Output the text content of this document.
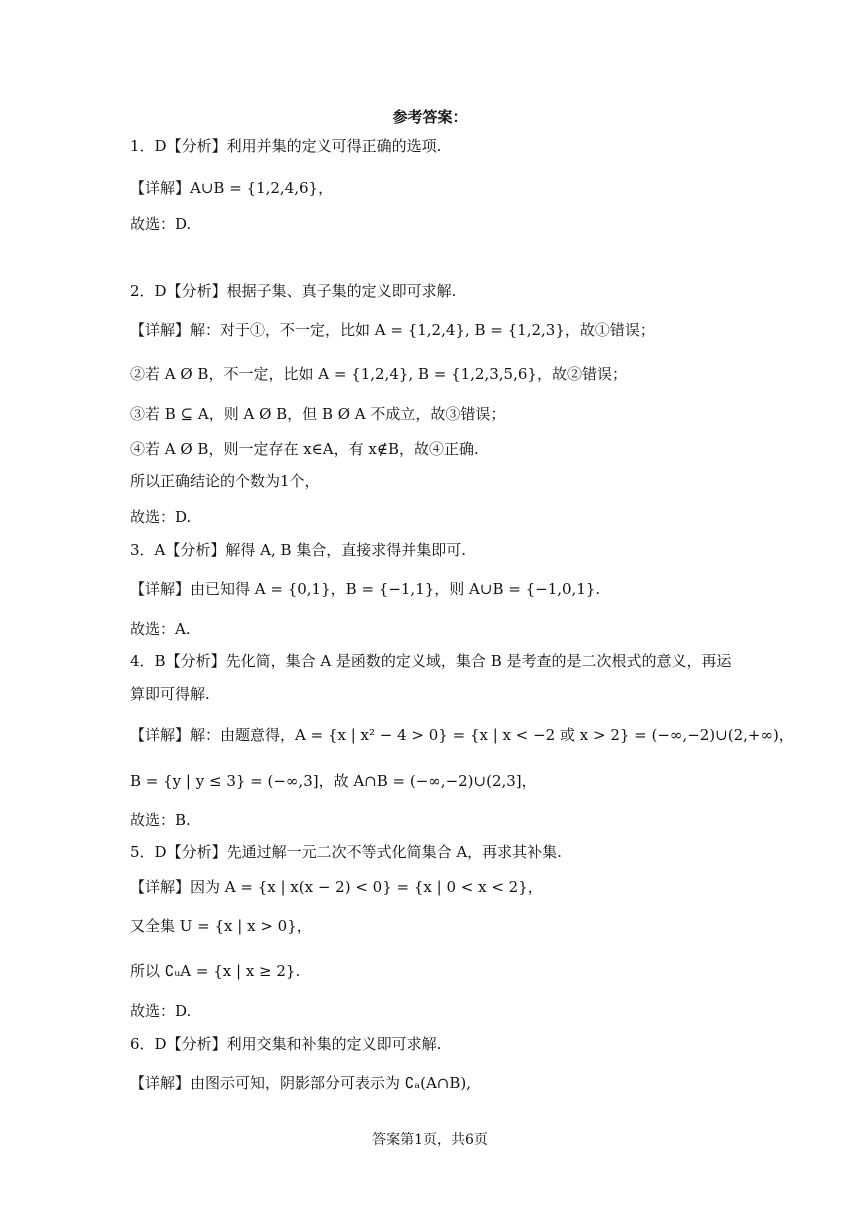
参考答案：
1．D【分析】利用并集的定义可得正确的选项.
【详解】A∪B = {1,2,4,6}，
故选：D.
2．D【分析】根据子集、真子集的定义即可求解.
【详解】解：对于①，不一定，比如 A = {1,2,4}, B = {1,2,3}，故①错误；
②若 A Ø B，不一定，比如 A = {1,2,4}, B = {1,2,3,5,6}，故②错误；
③若 B ⊆ A，则 A Ø B，但 B Ø A 不成立，故③错误；
④若 A Ø B，则一定存在 x∈A，有 x∉B，故④正确.
所以正确结论的个数为1个，
故选：D.
3．A【分析】解得 A, B 集合，直接求得并集即可.
【详解】由已知得 A = {0,1}，B = {−1,1}，则 A∪B = {−1,0,1}.
故选：A.
4．B【分析】先化简，集合 A 是函数的定义域，集合 B 是考查的是二次根式的意义，再运
算即可得解.
【详解】解：由题意得，A = {x | x² − 4 > 0} = {x | x < −2 或 x > 2} = (−∞,−2)∪(2,+∞)，
B = {y | y ≤ 3} = (−∞,3]，故 A∩B = (−∞,−2)∪(2,3]，
故选：B.
5．D【分析】先通过解一元二次不等式化简集合 A，再求其补集.
【详解】因为 A = {x | x(x − 2) < 0} = {x | 0 < x < 2}，
又全集 U = {x | x > 0}，
所以 ∁ᵤA = {x | x ≥ 2}.
故选：D.
6．D【分析】利用交集和补集的定义即可求解.
【详解】由图示可知，阴影部分可表示为 ∁ₐ(A∩B),
答案第1页，共6页
